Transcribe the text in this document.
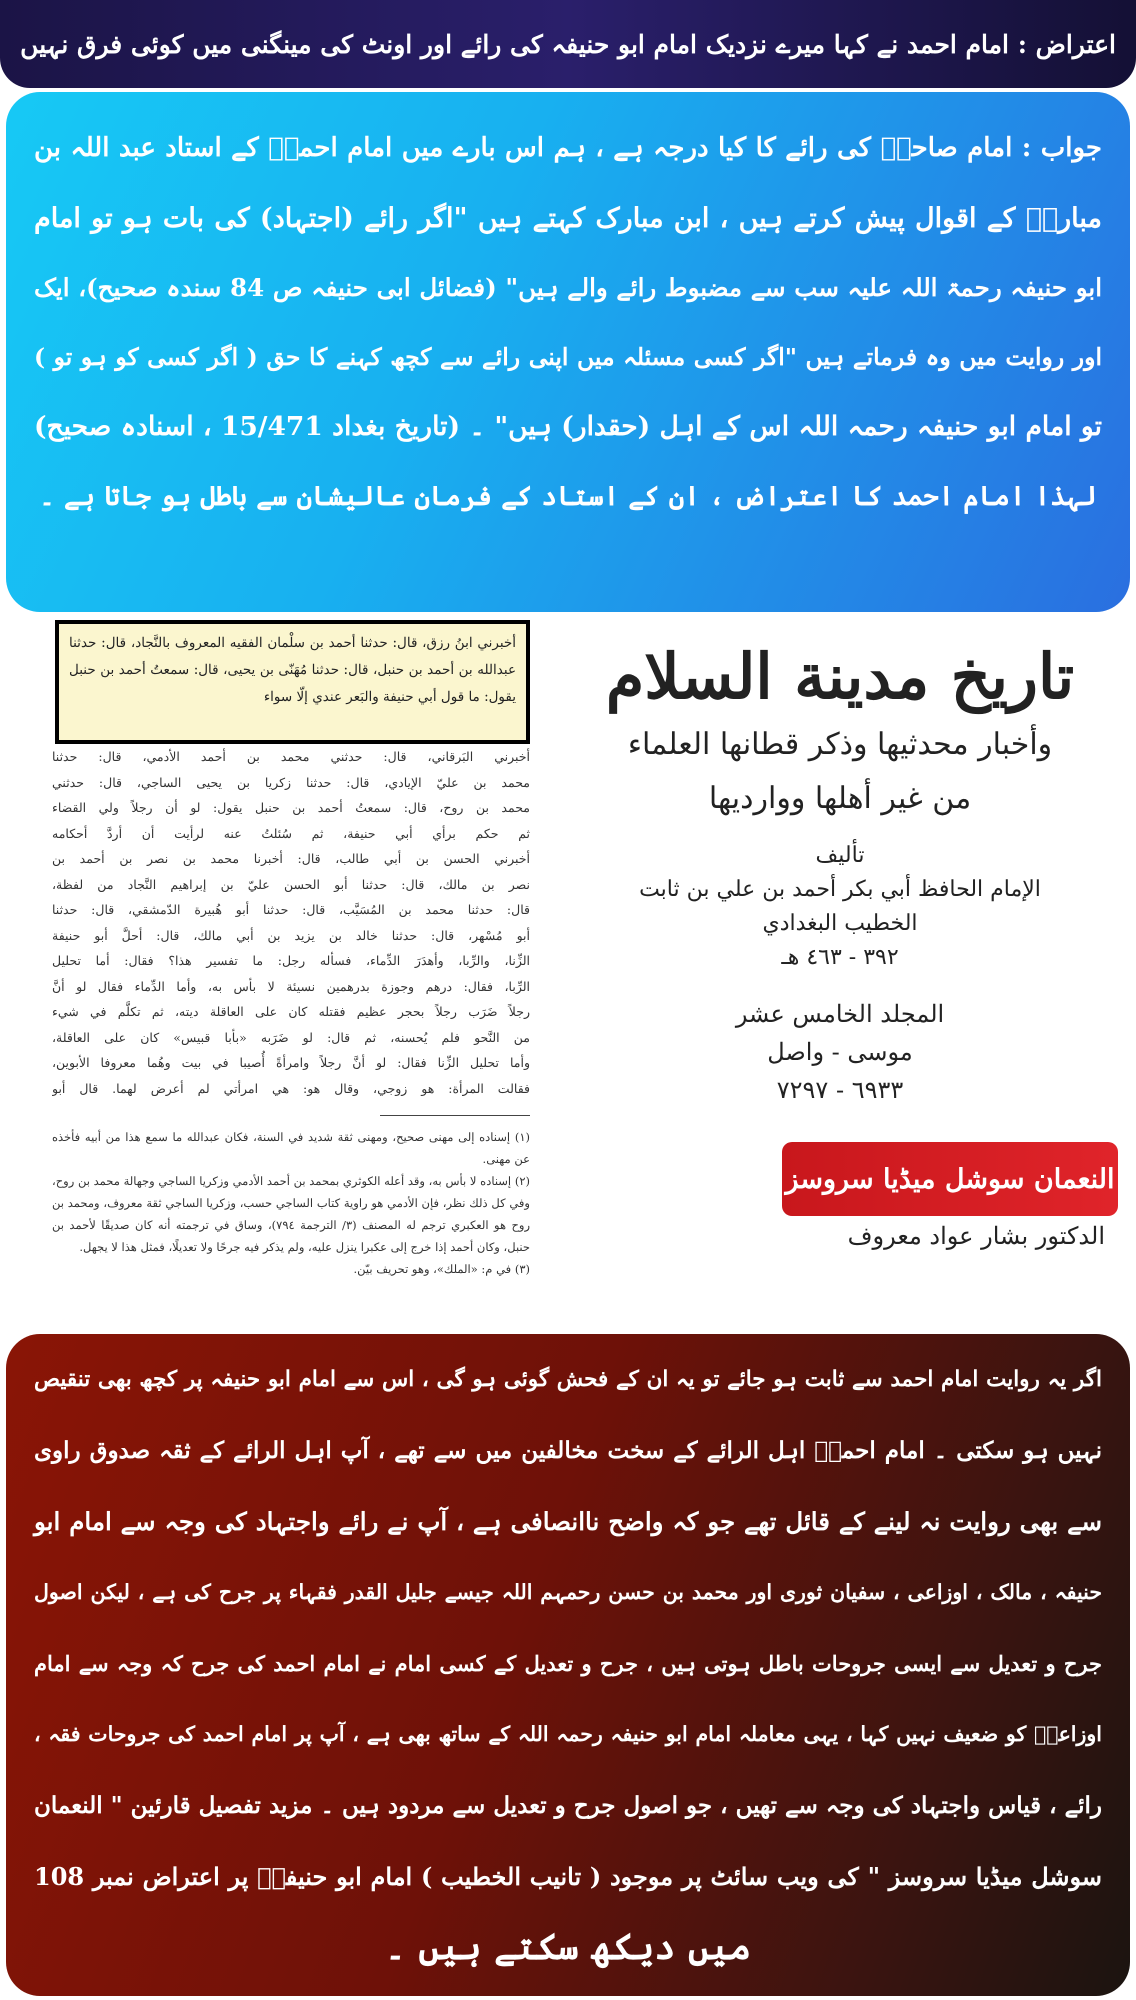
اعتراض : امام احمد نے کہا میرے نزدیک امام ابو حنیفہ کی رائے اور اونٹ کی مینگنی میں کوئی فرق نہیں
جواب : امام صاحبؒ کی رائے کا کیا درجہ ہے ، ہم اس بارے میں امام احمدؒ کے استاد عبد اللہ بن
مبارکؒ کے اقوال پیش کرتے ہیں ، ابن مبارک کہتے ہیں "اگر رائے (اجتہاد) کی بات ہو تو امام
ابو حنیفہ رحمۃ اللہ علیہ سب سے مضبوط رائے والے ہیں" (فضائل ابی حنیفہ ص 84 سندہ صحیح)، ایک
اور روایت میں وہ فرماتے ہیں "اگر کسی مسئلہ میں اپنی رائے سے کچھ کہنے کا حق ( اگر کسی کو ہو تو )
تو امام ابو حنیفہ رحمہ اللہ اس کے اہل (حقدار) ہیں" ۔ (تاریخ بغداد 15/471 ، اسنادہ صحیح)
لہذا امام احمد کا اعتراض ، ان کے استاد کے فرمان عالیشان سے باطل ہو جاتا ہے ۔
أخبرني ابنُ رزق، قال: حدثنا أحمد بن سلْمان الفقيه المعروف بالنَّجاد، قال: حدثنا عبدالله بن أحمد بن حنبل، قال: حدثنا مُهَنّى بن يحيى، قال: سمعتُ أحمد بن حنبل يقول: ما قول أبي حنيفة والبَعر عندي إلّا سواء
أخبرني البَرقاني، قال: حدثني محمد بن أحمد الأدمي، قال: حدثنا
محمد بن عليّ الإيادي، قال: حدثنا زكريا بن يحيى الساجي، قال: حدثني
محمد بن روح، قال: سمعتُ أحمد بن حنبل يقول: لو أن رجلاً ولي القضاء
ثم حكم برأي أبي حنيفة، ثم سُئلتُ عنه لرأيت أن أردَّ أحكامه
أخبرني الحسن بن أبي طالب، قال: أخبرنا محمد بن نصر بن أحمد بن
نصر بن مالك، قال: حدثنا أبو الحسن عليّ بن إبراهيم النَّجاد من لفظة،
قال: حدثنا محمد بن المُسَيَّب، قال: حدثنا أبو هُبيرة الدّمشقي، قال: حدثنا
أبو مُسْهر، قال: حدثنا خالد بن يزيد بن أبي مالك، قال: أحلَّ أبو حنيفة
الزِّنا، والرِّبا، وأهدَرَ الدِّماء، فسأله رجل: ما تفسير هذا؟ فقال: أما تحليل
الرِّبا، فقال: درهم وجوزة بدرهمين نسيئة لا بأس به، وأما الدِّماء فقال لو أنَّ
رجلاً ضَرَب رجلاً بحجر عظيم فقتله كان على العاقلة ديته، ثم تكلَّم في شيء
من النَّحو فلم يُحسنه، ثم قال: لو ضَرَبه «بأبا قبيس» كان على العاقلة،
وأما تحليل الزِّنا فقال: لو أنَّ رجلاً وامرأةً أُصيبا في بيت وهُما معروفا الأبوين،
فقالت المرأة: هو زوجي، وقال هو: هي امرأتي لم أعرض لهما. قال أبو
(١) إسناده إلى مهنى صحيح، ومهنى ثقة شديد في السنة، فكان عبدالله ما سمع هذا من أبيه فأخذه عن مهنى.
(٢) إسناده لا بأس به، وقد أعله الكوثري بمحمد بن أحمد الأدمي وزكريا الساجي وجهالة محمد بن روح، وفي كل ذلك نظر، فإن الأدمي هو راوية كتاب الساجي حسب، وزكريا الساجي ثقة معروف، ومحمد بن روح هو العكبري ترجم له المصنف (٣/ الترجمة ٧٩٤)، وساق في ترجمته أنه كان صديقًا لأحمد بن حنبل، وكان أحمد إذا خرج إلى عكبرا ينزل عليه، ولم يذكر فيه جرحًا ولا تعديلًا، فمثل هذا لا يجهل.
(٣) في م: «الملك»، وهو تحريف بيّن.
تاريخ مدينة السلام
وأخبار محدثيها وذكر قطانها العلماء
من غير أهلها ووارديها
تأليف
الإمام الحافظ أبي بكر أحمد بن علي بن ثابت
الخطيب البغدادي
٣٩٢ - ٤٦٣ هـ
المجلد الخامس عشر
موسى - واصل
٦٩٣٣ - ٧٢٩٧
النعمان سوشل میڈیا سروسز
الدكتور بشار عواد معروف
اگر یہ روایت امام احمد سے ثابت ہو جائے تو یہ ان کے فحش گوئی ہو گی ، اس سے امام ابو حنیفہ پر کچھ بھی تنقیص
نہیں ہو سکتی ۔ امام احمدؒ اہل الرائے کے سخت مخالفین میں سے تھے ، آپ اہل الرائے کے ثقہ صدوق راوی
سے بھی روایت نہ لینے کے قائل تھے جو کہ واضح ناانصافی ہے ، آپ نے رائے واجتہاد کی وجہ سے امام ابو
حنیفہ ، مالک ، اوزاعی ، سفیان ثوری اور محمد بن حسن رحمہم اللہ جیسے جلیل القدر فقہاء پر جرح کی ہے ، لیکن اصول
جرح و تعدیل سے ایسی جروحات باطل ہوتی ہیں ، جرح و تعدیل کے کسی امام نے امام احمد کی جرح کہ وجہ سے امام
اوزاعیؒ کو ضعیف نہیں کہا ، یہی معاملہ امام ابو حنیفہ رحمہ اللہ کے ساتھ بھی ہے ، آپ پر امام احمد کی جروحات فقہ ،
رائے ، قیاس واجتہاد کی وجہ سے تھیں ، جو اصول جرح و تعدیل سے مردود ہیں ۔ مزید تفصیل قارئین " النعمان
سوشل میڈیا سروسز " کی ویب سائٹ پر موجود ( تانیب الخطیب ) امام ابو حنیفہؒ پر اعتراض نمبر 108
میں دیکھ سکتے ہیں ۔
